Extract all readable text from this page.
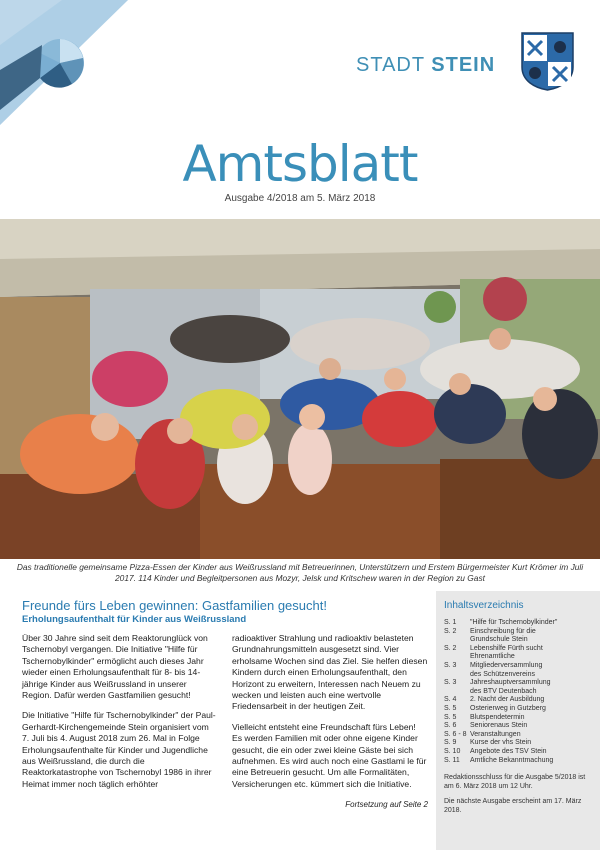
STADT STEIN
Amtsblatt
Ausgabe 4/2018 am 5. März 2018
Das traditionelle gemeinsame Pizza-Essen der Kinder aus Weißrussland mit Betreuerinnen, Unterstützern und Erstem Bürgermeister Kurt Krömer im Juli 2017. 114 Kinder und Begleitpersonen aus Mozyr, Jelsk und Kritschew waren in der Region zu Gast
Freunde fürs Leben gewinnen: Gastfamilien gesucht!
Erholungsaufenthalt für Kinder aus Weißrussland

Über 30 Jahre sind seit dem Reaktorunglück von Tschernobyl vergangen. Die Initiative "Hilfe für Tschernobylkinder" ermöglicht auch dieses Jahr wieder einen Erholungsaufenthalt für 8- bis 14-jährige Kinder aus Weißrussland in unserer Region. Dafür werden Gastfamilien gesucht!

Die Initiative "Hilfe für Tschernobylkinder" der Paul-Gerhardt-Kirchengemeinde Stein organisiert vom 7. Juli bis 4. August 2018 zum 26. Mal in Folge Erholungsaufenthalte für Kinder und Jugendliche aus Weißrussland, die durch die Reaktorkatastrophe von Tschernobyl 1986 in ihrer Heimat immer noch täglich erhöhter

radioaktiver Strahlung und radioaktiv belasteten Grundnahrungsmitteln ausgesetzt sind. Vier erholsame Wochen sind das Ziel. Sie helfen diesen Kindern durch einen Erholungsaufenthalt, den Horizont zu erweitern, Interessen nach Neuem zu wecken und leisten auch eine wertvolle Friedensarbeit in der heutigen Zeit.

Vielleicht entsteht eine Freundschaft fürs Leben! Es werden Familien mit oder ohne eigene Kinder gesucht, die ein oder zwei kleine Gäste bei sich aufnehmen. Es wird auch noch eine Gastlami le für eine Betreuerin gesucht. Um alle Formalitäten, Versicherungen etc. kümmert sich die Initiative.

Fortsetzung auf Seite 2
Inhaltsverzeichnis
S. 1	"Hilfe für Tschernobylkinder"
S. 2	Einschreibung für die
Grundschule Stein
S. 2	Lebenshilfe Fürth sucht
Ehrenamtliche
S. 3	Mitgliederversammlung
des Schützenvereins
S. 3	Jahreshauptversammlung
des BTV Deutenbach
S. 4	2. Nacht der Ausbildung
S. 5	Osterierweg in Gutzberg
S. 5	Blutspendetermin
S. 6	Seniorenaus Stein
S. 6 - 8 Veranstaltungen
S. 9	Kurse der vhs Stein
S. 10	Angebote des TSV Stein
S. 11	Amtliche Bekanntmachung
Redaktionsschluss für die Ausgabe 5/2018 ist am 6. März 2018 um 12 Uhr.
Die nächste Ausgabe erscheint am 17. März 2018.
